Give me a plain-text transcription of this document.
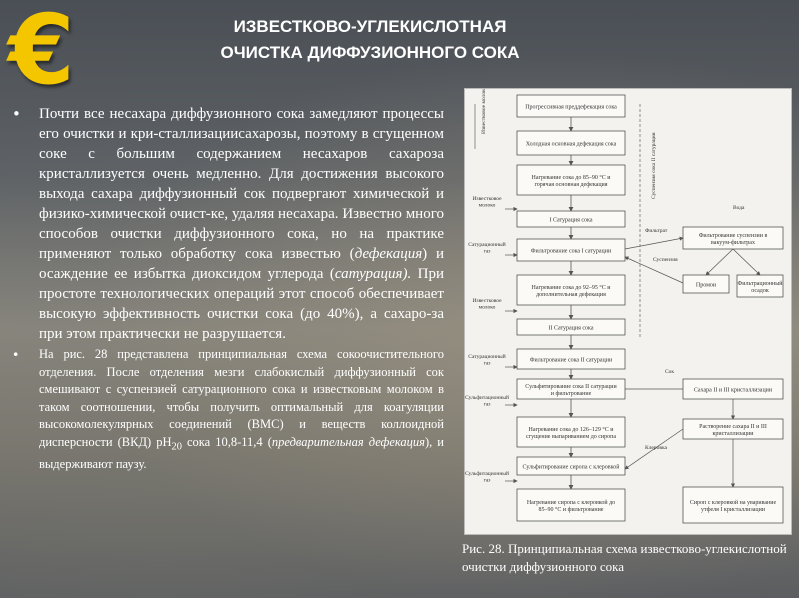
€	ИЗВЕСТКОВО-УГЛЕКИСЛОТНАЯ
ОЧИСТКА ДИФФУЗИОННОГО СОКА
• Почти все несахара диффузионного сока замедляют процессы его очистки и кри-сталлизациисахарозы, поэтому в сгущенном соке с большим содержанием несахаров сахароза кристаллизуется очень медленно. Для достижения высокого выхода сахара диффузионный сок подвергают химической и физико-химической очист-ке, удаляя несахара. Известно много способов очистки диффузионного сока, но на практике применяют только обработку сока известью (дефекация) и осаждение ее избытка диоксидом углерода (сатурация). При простоте технологических операций этот способ обеспечивает высокую эффективность очистки сока (до 40%), а сахаро-за при этом практически не разрушается.
• На рис. 28 представлена принципиальная схема сокоочистительного отделения. После отделения мезги слабокислый диффузионный сок смешивают с суспензией сатурационного сока и известковым молоком в таком соотношении, чтобы получить оптимальный для коагуляции высокомолекулярных соединений (ВМС) и веществ коллоидной дисперсности (ВКД) $рН_{20}$ сока 10,8-11,4 (предварительная дефекация), и выдерживают паузу.
Прогрессивная преддефекация сока
Холодная основная дефекация сока
Нагревание сока до 85–90 °С и горячая основная дефекация
I Сатурация сока
Фильтрование сока I сатурации
Нагревание сока до 92–95 °С и дополнительная дефекация
II Сатурация сока
Фильтрование сока II сатурации
Сульфитирование сока II сатурации и фильтрование
Нагревание сока до 126–129 °С и сгущение выпариванием до сиропа
Сульфитирование сиропа с клеровкой
Нагревание сиропа с клеровкой до 85–90 °С и фильтрование
Известковое молоко
Сатурационный газ
Известковое молоко
Сатурационный газ
Сульфитационный газ
Сульфитационный газ
Фильтрование суспензии в вакуум-фильтрах
Промои	Фильтрационный осадок
Сахара II и III кристаллизации
Растворение сахара II и III кристаллизации
Сироп с клеровкой на уваривание утфеля I кристаллизации
Известковое молоко
Суспензия сока II сатурации
Фильтрат
Суспензия
Вода
Сок
Клеровка
Рис. 28. Принципиальная схема известково-углекислотной очистки диффузионного сока
